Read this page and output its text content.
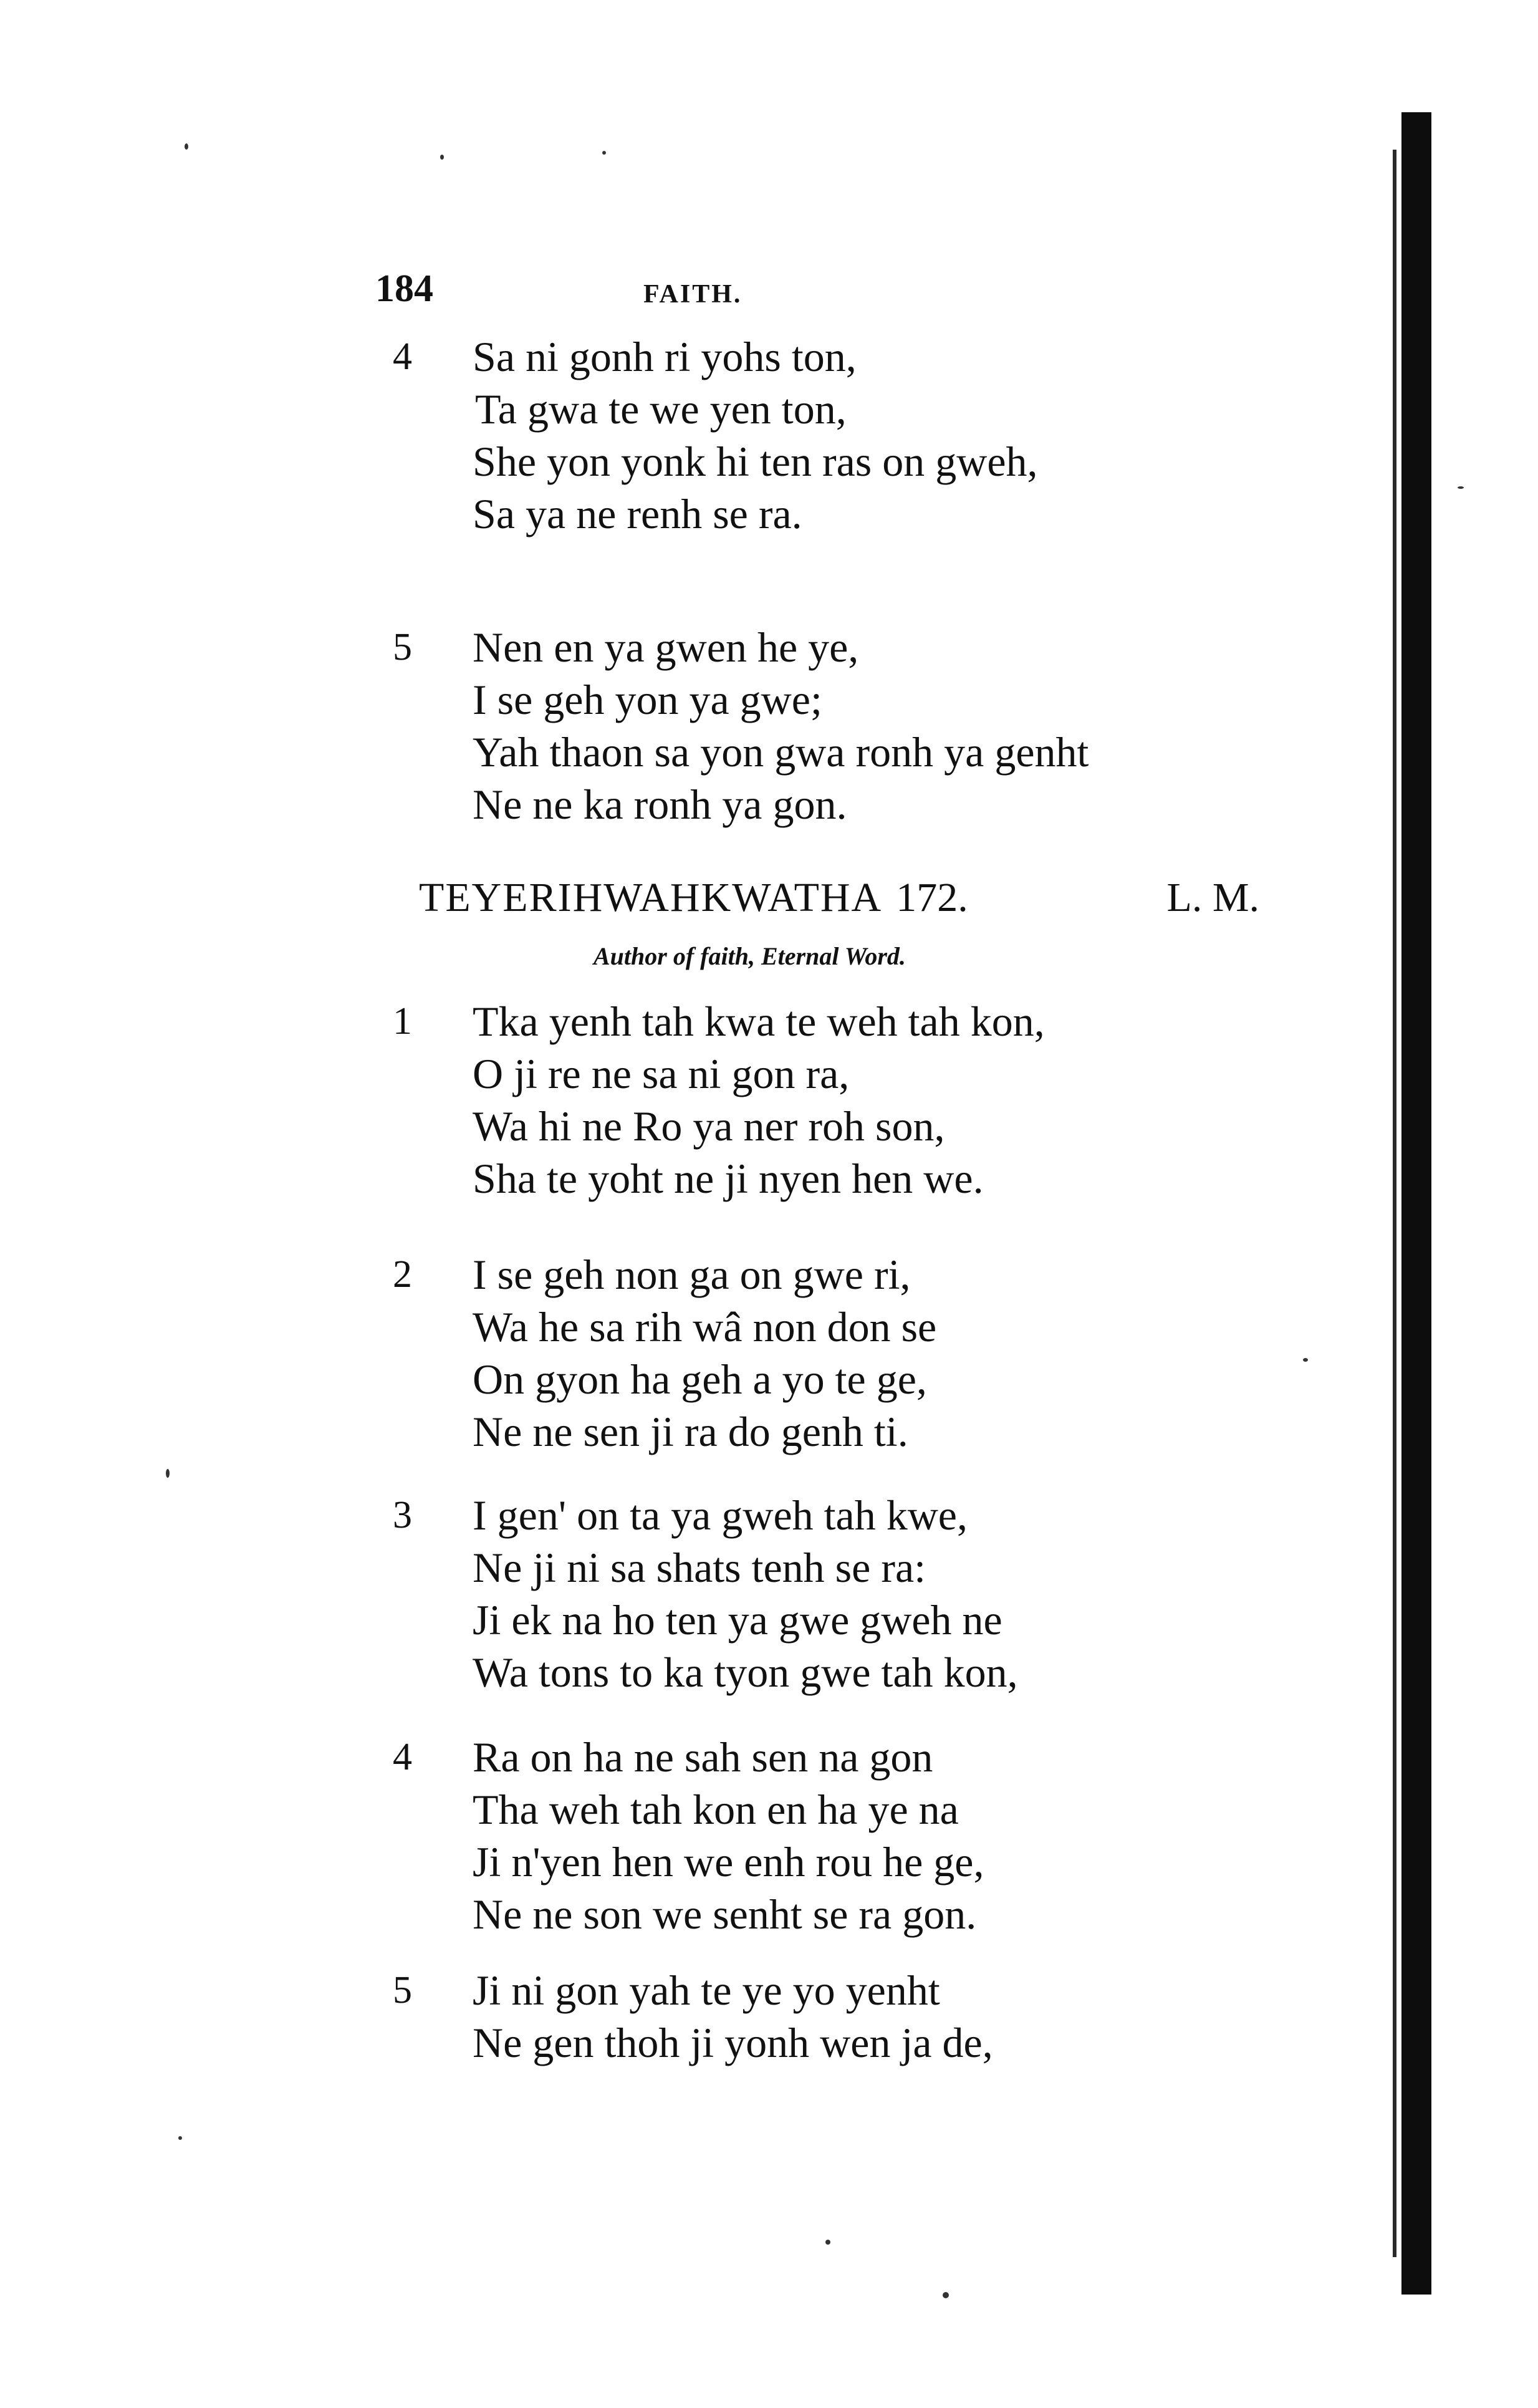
184	FAITH.
4 Sa ni gonh ri yohs ton,
Ta gwa te we yen ton,
She yon yonk hi ten ras on gweh,
Sa ya ne renh se ra.
5 Nen en ya gwen he ye,
I se geh yon ya gwe;
Yah thaon sa yon gwa ronh ya genht
Ne ne ka ronh ya gon.
TEYERIHWAHKWATHA 172.	L. M.
Author of faith, Eternal Word.
1 Tka yenh tah kwa te weh tah kon,
O ji re ne sa ni gon ra,
Wa hi ne Ro ya ner roh son,
Sha te yoht ne ji nyen hen we.
2 I se geh non ga on gwe ri,
Wa he sa rih wâ non don se
On gyon ha geh a yo te ge,
Ne ne sen ji ra do genh ti.
3 I gen' on ta ya gweh tah kwe,
Ne ji ni sa shats tenh se ra:
Ji ek na ho ten ya gwe gweh ne
Wa tons to ka tyon gwe tah kon,
4 Ra on ha ne sah sen na gon
Tha weh tah kon en ha ye na
Ji n'yen hen we enh rou he ge,
Ne ne son we senht se ra gon.
5 Ji ni gon yah te ye yo yenht
Ne gen thoh ji yonh wen ja de,
